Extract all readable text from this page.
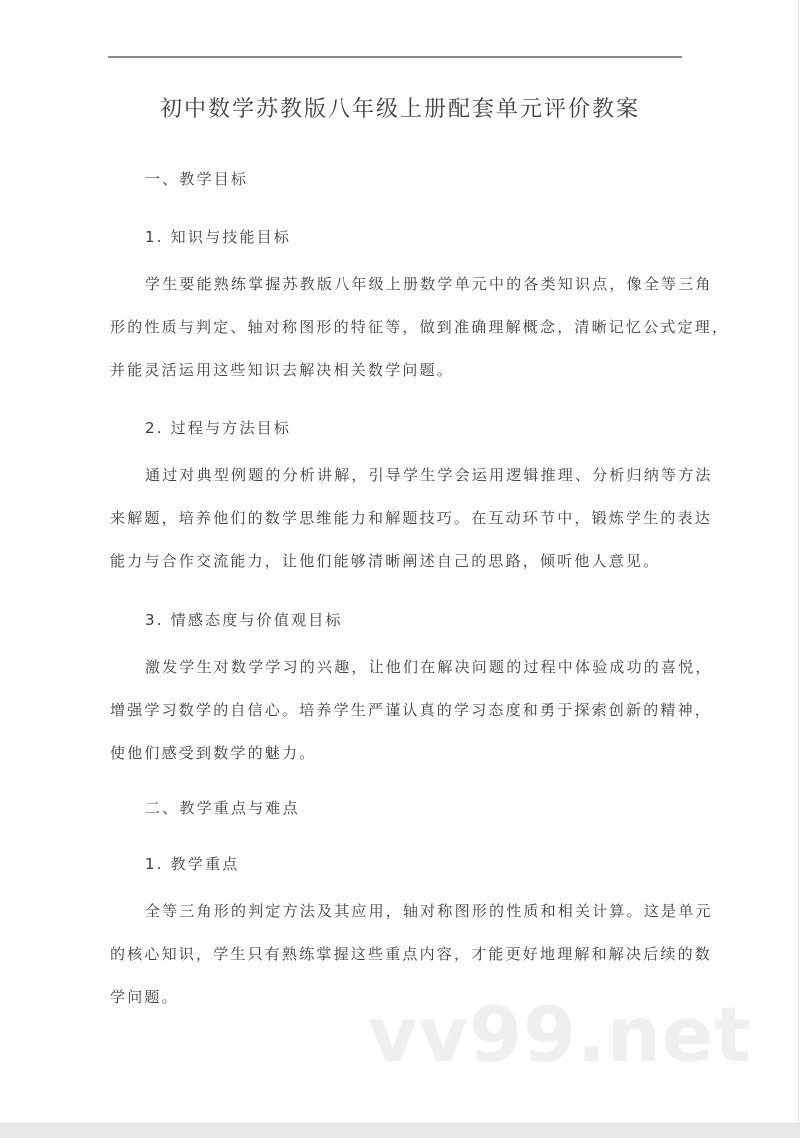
初中数学苏教版八年级上册配套单元评价教案
一、教学目标
1. 知识与技能目标
学生要能熟练掌握苏教版八年级上册数学单元中的各类知识点，像全等三角
形的性质与判定、轴对称图形的特征等，做到准确理解概念，清晰记忆公式定理，
并能灵活运用这些知识去解决相关数学问题。
2. 过程与方法目标
通过对典型例题的分析讲解，引导学生学会运用逻辑推理、分析归纳等方法
来解题，培养他们的数学思维能力和解题技巧。在互动环节中，锻炼学生的表达
能力与合作交流能力，让他们能够清晰阐述自己的思路，倾听他人意见。
3. 情感态度与价值观目标
激发学生对数学学习的兴趣，让他们在解决问题的过程中体验成功的喜悦，
增强学习数学的自信心。培养学生严谨认真的学习态度和勇于探索创新的精神，
使他们感受到数学的魅力。
二、教学重点与难点
1. 教学重点
全等三角形的判定方法及其应用，轴对称图形的性质和相关计算。这是单元
的核心知识，学生只有熟练掌握这些重点内容，才能更好地理解和解决后续的数
学问题。 vv99.net
